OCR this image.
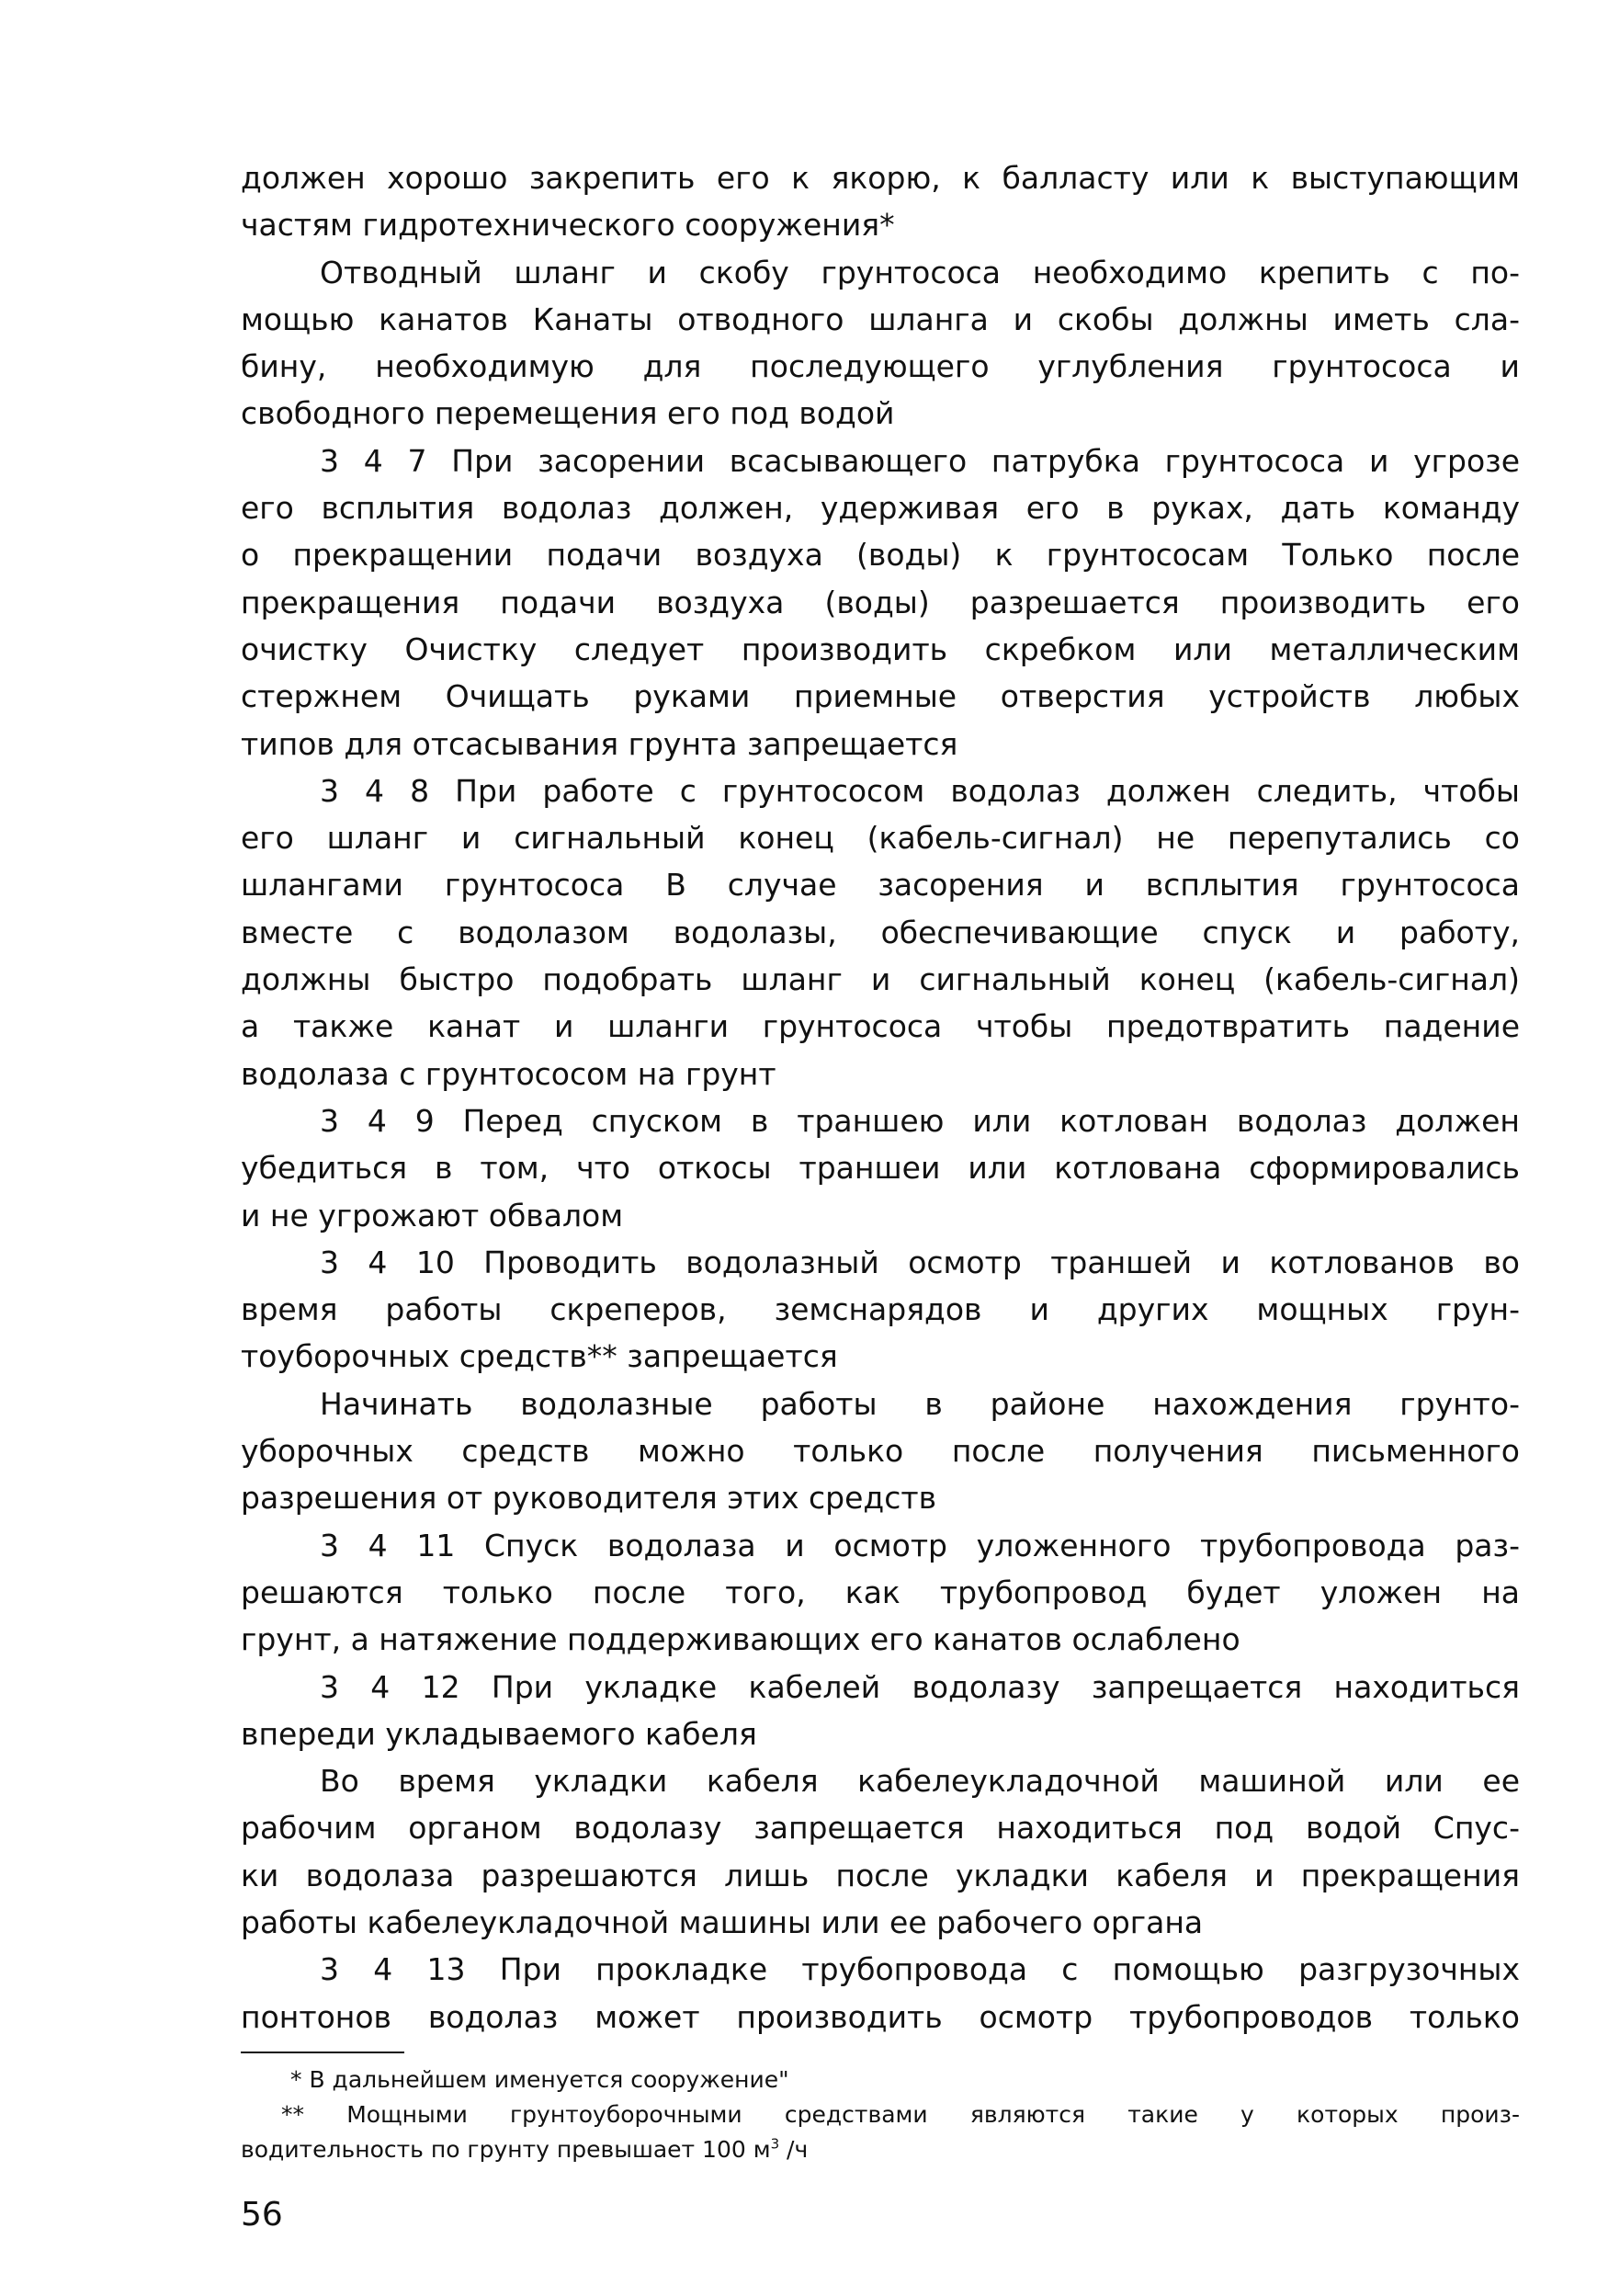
должен хорошо закрепить его к якорю, к балласту или к выступающим
частям гидротехнического сооружения*
Отводный шланг и скобу грунтососа необходимо крепить с по-
мощью канатов Канаты отводного шланга и скобы должны иметь сла-
бину, необходимую для последующего углубления грунтососа и
свободного перемещения его под водой
3 4 7 При засорении всасывающего патрубка грунтососа и угрозе
его всплытия водолаз должен, удерживая его в руках, дать команду
о прекращении подачи воздуха (воды) к грунтососам Только после
прекращения подачи воздуха (воды) разрешается производить его
очистку Очистку следует производить скребком или металлическим
стержнем Очищать руками приемные отверстия устройств любых
типов для отсасывания грунта запрещается
3 4 8 При работе с грунтососом водолаз должен следить, чтобы
его шланг и сигнальный конец (кабель-сигнал) не перепутались со
шлангами грунтососа В случае засорения и всплытия грунтососа
вместе с водолазом водолазы, обеспечивающие спуск и работу,
должны быстро подобрать шланг и сигнальный конец (кабель-сигнал)
а также канат и шланги грунтососа чтобы предотвратить падение
водолаза с грунтососом на грунт
3 4 9 Перед спуском в траншею или котлован водолаз должен
убедиться в том, что откосы траншеи или котлована сформировались
и не угрожают обвалом
3 4 10 Проводить водолазный осмотр траншей и котлованов во
время работы скреперов, земснарядов и других мощных грун-
тоуборочных средств** запрещается
Начинать водолазные работы в районе нахождения грунто-
уборочных средств можно только после получения письменного
разрешения от руководителя этих средств
3 4 11 Спуск водолаза и осмотр уложенного трубопровода раз-
решаются только после того, как трубопровод будет уложен на
грунт, а натяжение поддерживающих его канатов ослаблено
3 4 12 При укладке кабелей водолазу запрещается находиться
впереди укладываемого кабеля
Во время укладки кабеля кабелеукладочной машиной или ее
рабочим органом водолазу запрещается находиться под водой Спус-
ки водолаза разрешаются лишь после укладки кабеля и прекращения
работы кабелеукладочной машины или ее рабочего органа
3 4 13 При прокладке трубопровода с помощью разгрузочных
понтонов водолаз может производить осмотр трубопроводов только
* В дальнейшем именуется сооружение"
** Мощными грунтоуборочными средствами являются такие у которых произ-
водительность по грунту превышает 100 $м^3$ /ч
56
